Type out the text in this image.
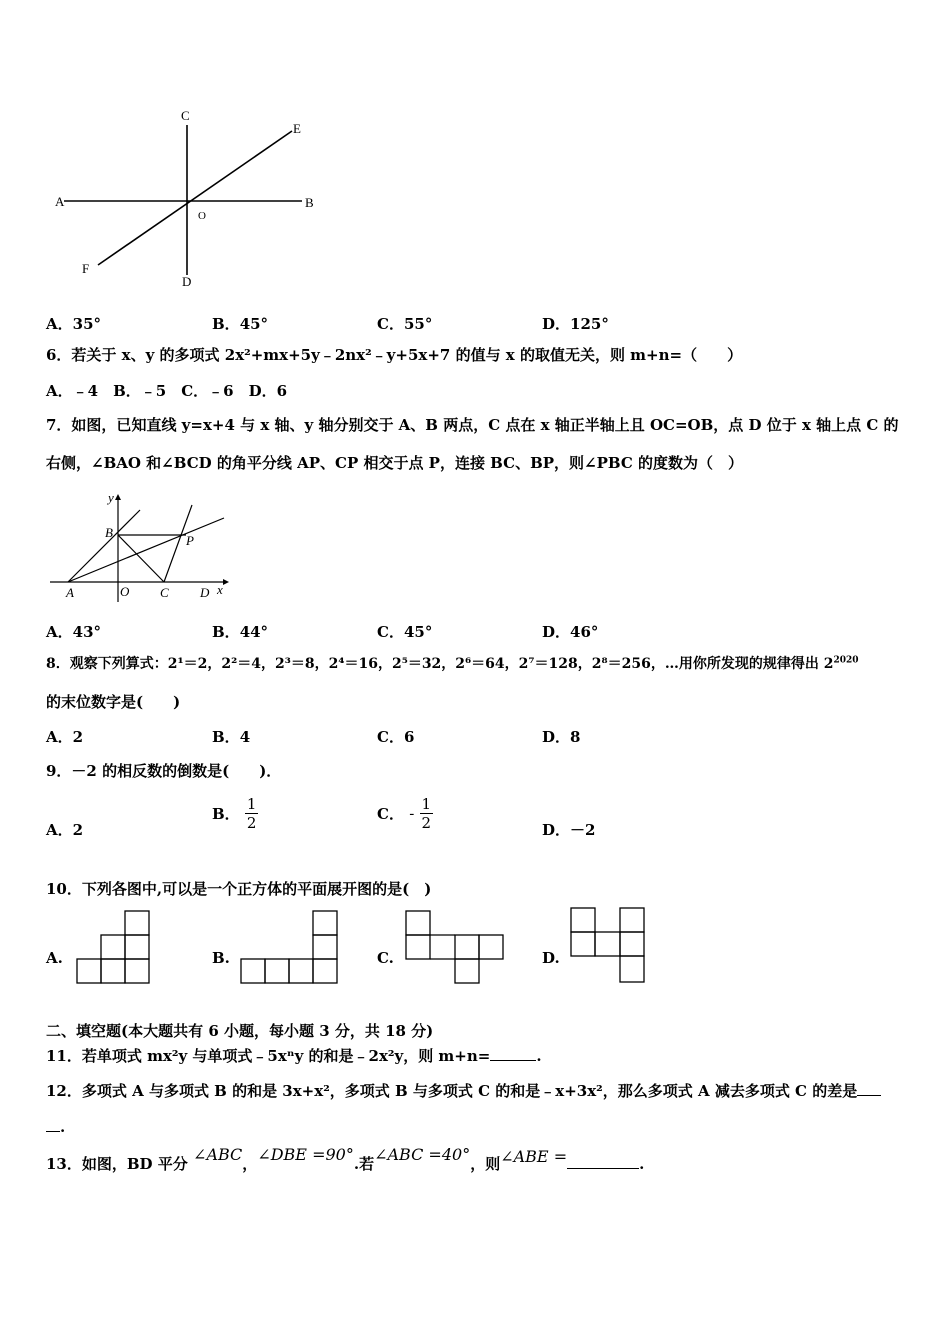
A	B
C
D
E
F
O
A．35°	B．45°	C．55°	D．125°
6．若关于 x、y 的多项式 2x²+mx+5y﹣2nx²﹣y+5x+7 的值与 x 的取值无关，则 m+n=（　　）
A．﹣4　B．﹣5　C．﹣6　D．6
7．如图，已知直线 y=x+4 与 x 轴、y 轴分别交于 A、B 两点，C 点在 x 轴正半轴上且 OC=OB，点 D 位于 x 轴上点 C 的
右侧，∠BAO 和∠BCD 的角平分线 AP、CP 相交于点 P，连接 BC、BP，则∠PBC 的度数为（　）
y
B
P
A	O C D x
A．43°	B．44°	C．45°	D．46°
8．观察下列算式：2¹＝2，2²＝4，2³＝8，2⁴＝16，2⁵＝32，2⁶＝64，2⁷＝128，2⁸＝256，…用你所发现的规律得出 $2^{2020}$
的末位数字是(　　)
A．2	B．4	C．6	D．8
9．－2 的相反数的倒数是(　　)．
A．2
B． $\frac{1}{2}$	C． - $\frac{1}{2}$	D．－2
10．下列各图中,可以是一个正方体的平面展开图的是(　)
A.	B.	C.	D.
二、填空题(本大题共有 6 小题，每小题 3 分，共 18 分)
11．若单项式 mx²y 与单项式﹣5xⁿy 的和是﹣2x²y，则 m+n=	.
12．多项式 A 与多项式 B 的和是 3x+x²，多项式 B 与多项式 C 的和是﹣x+3x²，那么多项式 A 减去多项式 C 的差是
.
13．如图，BD 平分 ∠ABC，∠DBE =90°.若∠ABC =40°，则∠ABE =	.
